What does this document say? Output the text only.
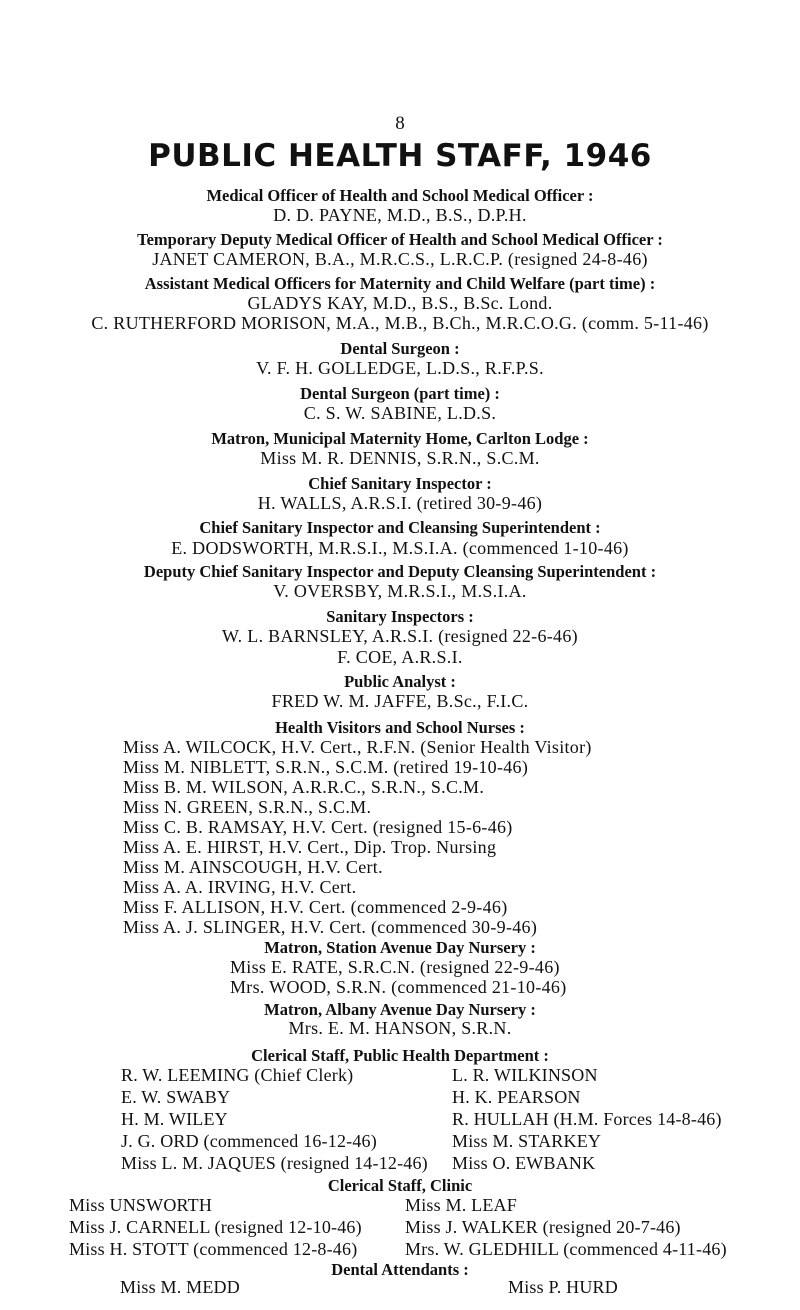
8
PUBLIC HEALTH STAFF, 1946
Medical Officer of Health and School Medical Officer :
D. D. PAYNE, M.D., B.S., D.P.H.
Temporary Deputy Medical Officer of Health and School Medical Officer :
JANET CAMERON, B.A., M.R.C.S., L.R.C.P. (resigned 24-8-46)
Assistant Medical Officers for Maternity and Child Welfare (part time) :
GLADYS KAY, M.D., B.S., B.Sc. Lond.
C. RUTHERFORD MORISON, M.A., M.B., B.Ch., M.R.C.O.G. (comm. 5-11-46)
Dental Surgeon :
V. F. H. GOLLEDGE, L.D.S., R.F.P.S.
Dental Surgeon (part time) :
C. S. W. SABINE, L.D.S.
Matron, Municipal Maternity Home, Carlton Lodge :
Miss M. R. DENNIS, S.R.N., S.C.M.
Chief Sanitary Inspector :
H. WALLS, A.R.S.I. (retired 30-9-46)
Chief Sanitary Inspector and Cleansing Superintendent :
E. DODSWORTH, M.R.S.I., M.S.I.A. (commenced 1-10-46)
Deputy Chief Sanitary Inspector and Deputy Cleansing Superintendent :
V. OVERSBY, M.R.S.I., M.S.I.A.
Sanitary Inspectors :
W. L. BARNSLEY, A.R.S.I. (resigned 22-6-46)
F. COE, A.R.S.I.
Public Analyst :
FRED W. M. JAFFE, B.Sc., F.I.C.
Health Visitors and School Nurses :
Miss A. WILCOCK, H.V. Cert., R.F.N. (Senior Health Visitor)
Miss M. NIBLETT, S.R.N., S.C.M. (retired 19-10-46)
Miss B. M. WILSON, A.R.R.C., S.R.N., S.C.M.
Miss N. GREEN, S.R.N., S.C.M.
Miss C. B. RAMSAY, H.V. Cert. (resigned 15-6-46)
Miss A. E. HIRST, H.V. Cert., Dip. Trop. Nursing
Miss M. AINSCOUGH, H.V. Cert.
Miss A. A. IRVING, H.V. Cert.
Miss F. ALLISON, H.V. Cert. (commenced 2-9-46)
Miss A. J. SLINGER, H.V. Cert. (commenced 30-9-46)
Matron, Station Avenue Day Nursery :
Miss E. RATE, S.R.C.N. (resigned 22-9-46)
Mrs. WOOD, S.R.N. (commenced 21-10-46)
Matron, Albany Avenue Day Nursery :
Mrs. E. M. HANSON, S.R.N.
Clerical Staff, Public Health Department :
R. W. LEEMING (Chief Clerk)	L. R. WILKINSON
E. W. SWABY	H. K. PEARSON
H. M. WILEY	R. HULLAH (H.M. Forces 14-8-46)
J. G. ORD (commenced 16-12-46)	Miss M. STARKEY
Miss L. M. JAQUES (resigned 14-12-46) Miss O. EWBANK
Clerical Staff, Clinic
Miss UNSWORTH	Miss M. LEAF
Miss J. CARNELL (resigned 12-10-46) Miss J. WALKER (resigned 20-7-46)
Miss H. STOTT (commenced 12-8-46)	Mrs. W. GLEDHILL (commenced 4-11-46)
Dental Attendants :
Miss M. MEDD	Miss P. HURD
